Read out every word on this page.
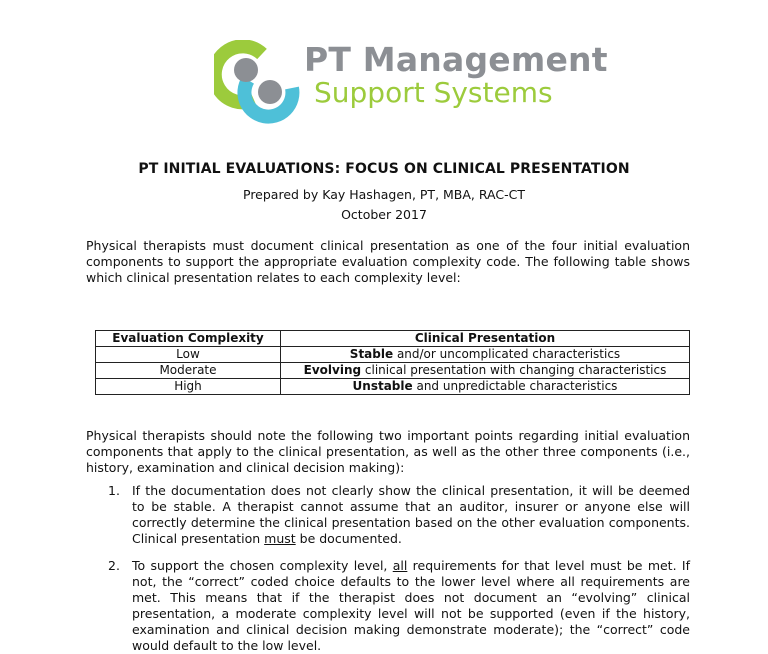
PT Management
Support Systems
PT INITIAL EVALUATIONS: FOCUS ON CLINICAL PRESENTATION
Prepared by Kay Hashagen, PT, MBA, RAC-CT
October 2017
Physical therapists must document clinical presentation as one of the four initial evaluation components to support the appropriate evaluation complexity code. The following table shows which clinical presentation relates to each complexity level:
Evaluation Complexity	Clinical Presentation
Low	Stable and/or uncomplicated characteristics
Moderate	Evolving clinical presentation with changing characteristics
High	Unstable and unpredictable characteristics
Physical therapists should note the following two important points regarding initial evaluation components that apply to the clinical presentation, as well as the other three components (i.e., history, examination and clinical decision making):
1. If the documentation does not clearly show the clinical presentation, it will be deemed to be stable. A therapist cannot assume that an auditor, insurer or anyone else will correctly determine the clinical presentation based on the other evaluation components. Clinical presentation must be documented.
2. To support the chosen complexity level, all requirements for that level must be met. If not, the “correct” coded choice defaults to the lower level where all requirements are met. This means that if the therapist does not document an “evolving” clinical presentation, a moderate complexity level will not be supported (even if the history, examination and clinical decision making demonstrate moderate); the “correct” code would default to the low level.
